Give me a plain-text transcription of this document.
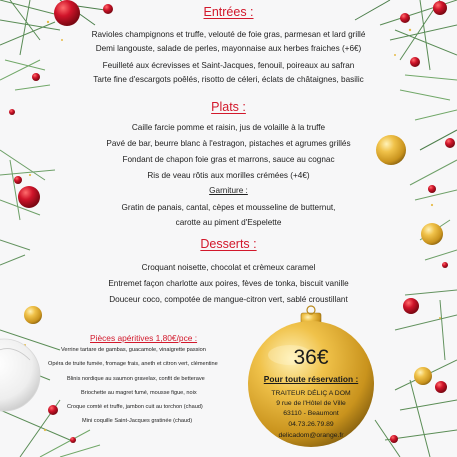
Entrées :
Ravioles champignons et truffe, velouté de foie gras, parmesan et lard grillé
Demi langouste, salade de perles, mayonnaise aux herbes fraiches (+6€)
Feuilleté aux écrevisses et Saint-Jacques, fenouil, poireaux au safran
Tarte fine d'escargots poêlés, risotto de céleri, éclats de châtaignes, basilic
Plats :
Caille farcie pomme et raisin, jus de volaille à la truffe
Pavé de bar, beurre blanc à l'estragon, pistaches et agrumes grillés
Fondant de chapon foie gras et marrons, sauce au cognac
Ris de veau rôtis aux morilles crémées (+4€)
Garniture :
Gratin de panais, cantal, cèpes et mousseline de butternut,
carotte au piment d'Espelette
Desserts :
Croquant noisette, chocolat et crèmeux caramel
Entremet façon charlotte aux poires, fèves de tonka, biscuit vanille
Douceur coco, compotée de mangue-citron vert, sablé croustillant
Pièces apéritives 1,80€/pce :
Verrine tartare de gambas, guacamole, vinaigrette passion
Opéra de truite fumée, fromage frais, aneth et citron vert, clémentine
Blinis nordique au saumon gravelax, confit de betterave
Briochette au magret fumé, mousse figue, noix
Croque comté et truffe, jambon cuit au torchon (chaud)
Mini coquille Saint-Jacques gratinée (chaud)
36€
Pour toute réservation :
TRAITEUR DÉLIÇ A DOM
9 rue de l'Hôtel de Ville
63110 - Beaumont
04.73.26.79.89
delicadom@orange.fr
